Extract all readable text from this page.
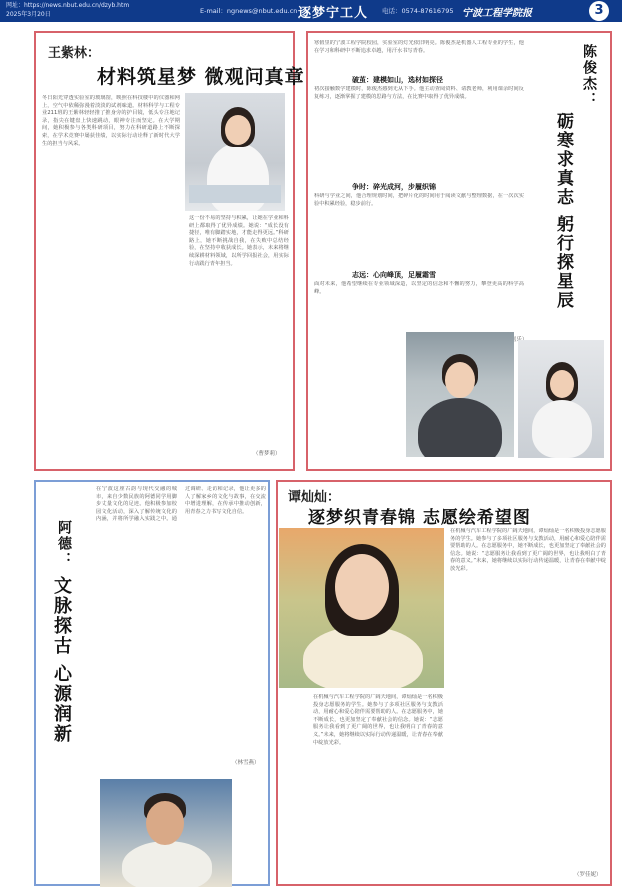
网址：https://news.nbut.edu.cn/dzyb.htm
2025年3月20日	E-mail：ngnews@nbut.edu.cn 逐梦宁工人 电话：0574-87616795 宁波工程学院报	3
王紫林：
材料筑星梦 微观问真章
冬日阳光穿透实验室的玻璃窗，映照在科技楼中的仪器和网上，空气中依稀弥漫着淡淡的试剂味道。材料科学与工程专业211班的王紫林轻轻推了推身旁的护目镜，低头专注地记录，指尖在键盘上快速跳动，眼神专注而坚定。在大学期间，她积极参与各类科研项目，努力在科研道路上不断探索，在学术竞赛中屡获佳绩，以实际行动诠释了新时代大学生的担当与风采。
这一份不易的坚持与积累，让她在学业和科研上都取得了优异成绩。她说：“成长没有捷径，唯有脚踏实地，才能走得更远。”科研路上，她不断挑战自我，在失败中总结经验，在坚持中收获成长。她表示，未来将继续深耕材料领域，以所学回报社会，用实际行动践行青年担当。
（曹梦莉）
寒假里的宁波工程学院校园，实验室的灯光依旧明亮。陈俊杰是机器人工程专业的学生，他在学习和科研中不断追求卓越，用汗水书写青春。
破茧：建模如山，选材如探径
初次接触数学建模时，陈俊杰感到无从下手。他主动查阅资料、请教老师，利用课余时间反复练习，逐渐掌握了建模的思路与方法，在比赛中取得了优异成绩。
争时：碎光成河，步履织锦
科研与学业之间，他合理规划时间，把碎片化的时间用于阅读文献与整理数据，在一次次实验中积累经验，稳步前行。
志远：心向峰顶，足履霜雪
面对未来，他希望继续在专业领域深造，以坚定的信念和不懈的努力，攀登更高的科学高峰。
陈俊杰：
砺寒求真志 躬行探星辰
阿德：
文脉探古 心源润新
在宁波这座古韵与现代交融的城市，来自少数民族的阿德同学用脚步丈量文化的足迹。他积极参加校园文化活动，深入了解传统文化的内涵，并将所学融入实践之中。通过调研、走访和记录，他让更多的人了解家乡的文化与故事，在交流中增进理解，在传承中推动创新，用青春之力书写文化自信。
（林雪燕）
谭灿灿：
逐梦织青春锦 志愿绘希望图
在机械与汽车工程学院的广阔天地间，谭灿灿是一名积极投身志愿服务的学生。她参与了多项社区服务与支教活动，用耐心和爱心陪伴需要帮助的人。在志愿服务中，她不断成长，也更加坚定了奉献社会的信念。她说：“志愿服务让我看到了更广阔的世界，也让我明白了青春的意义。”未来，她将继续以实际行动传递温暖，让青春在奉献中绽放光彩。
在机械与汽车工程学院的广阔天地间，谭灿灿是一名积极投身志愿服务的学生。她参与了多项社区服务与支教活动，用耐心和爱心陪伴需要帮助的人。在志愿服务中，她不断成长，也更加坚定了奉献社会的信念。她说：“志愿服务让我看到了更广阔的世界，也让我明白了青春的意义。”未来，她将继续以实际行动传递温暖，让青春在奉献中绽放光彩。
（罗佳妮）
